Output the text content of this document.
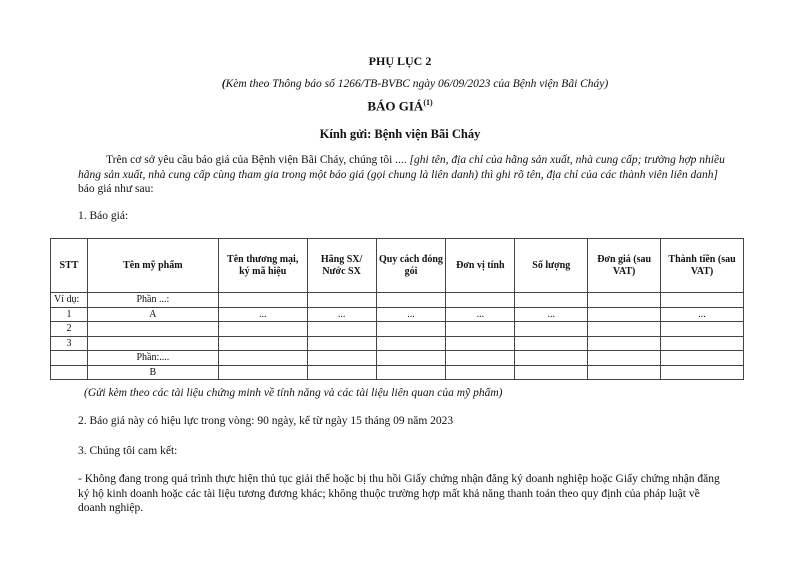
PHỤ LỤC 2
(Kèm theo Thông báo số 1266/TB-BVBC ngày 06/09/2023 của Bệnh viện Bãi Cháy)
BÁO GIÁ$^{(1)}$
Kính gửi: Bệnh viện Bãi Cháy
Trên cơ sở yêu cầu báo giá của Bệnh viện Bãi Cháy, chúng tôi .... [ghi tên, địa chỉ của hãng sản xuất, nhà cung cấp; trường hợp nhiều hãng sản xuất, nhà cung cấp cùng tham gia trong một báo giá (gọi chung là liên danh) thì ghi rõ tên, địa chỉ của các thành viên liên danh] báo giá như sau:
1. Báo giá:
STT	Tên mỹ phẩm	Tên thương mại, ký mã hiệu	Hãng SX/ Nước SX	Quy cách đóng gói	Đơn vị tính	Số lượng	Đơn giá (sau VAT)	Thành tiền (sau VAT)
Ví dụ:	Phần ...:							
1	A	...	...	...	...	...		...
2								
3								
	Phần:....							
	B							
(Gửi kèm theo các tài liệu chứng minh về tính năng và các tài liệu liên quan của mỹ phẩm)
2. Báo giá này có hiệu lực trong vòng: 90 ngày, kể từ ngày 15 tháng 09 năm 2023
3. Chúng tôi cam kết:
- Không đang trong quá trình thực hiện thủ tục giải thể hoặc bị thu hồi Giấy chứng nhận đăng ký doanh nghiệp hoặc Giấy chứng nhận đăng ký hộ kinh doanh hoặc các tài liệu tương đương khác; không thuộc trường hợp mất khả năng thanh toán theo quy định của pháp luật về doanh nghiệp.
